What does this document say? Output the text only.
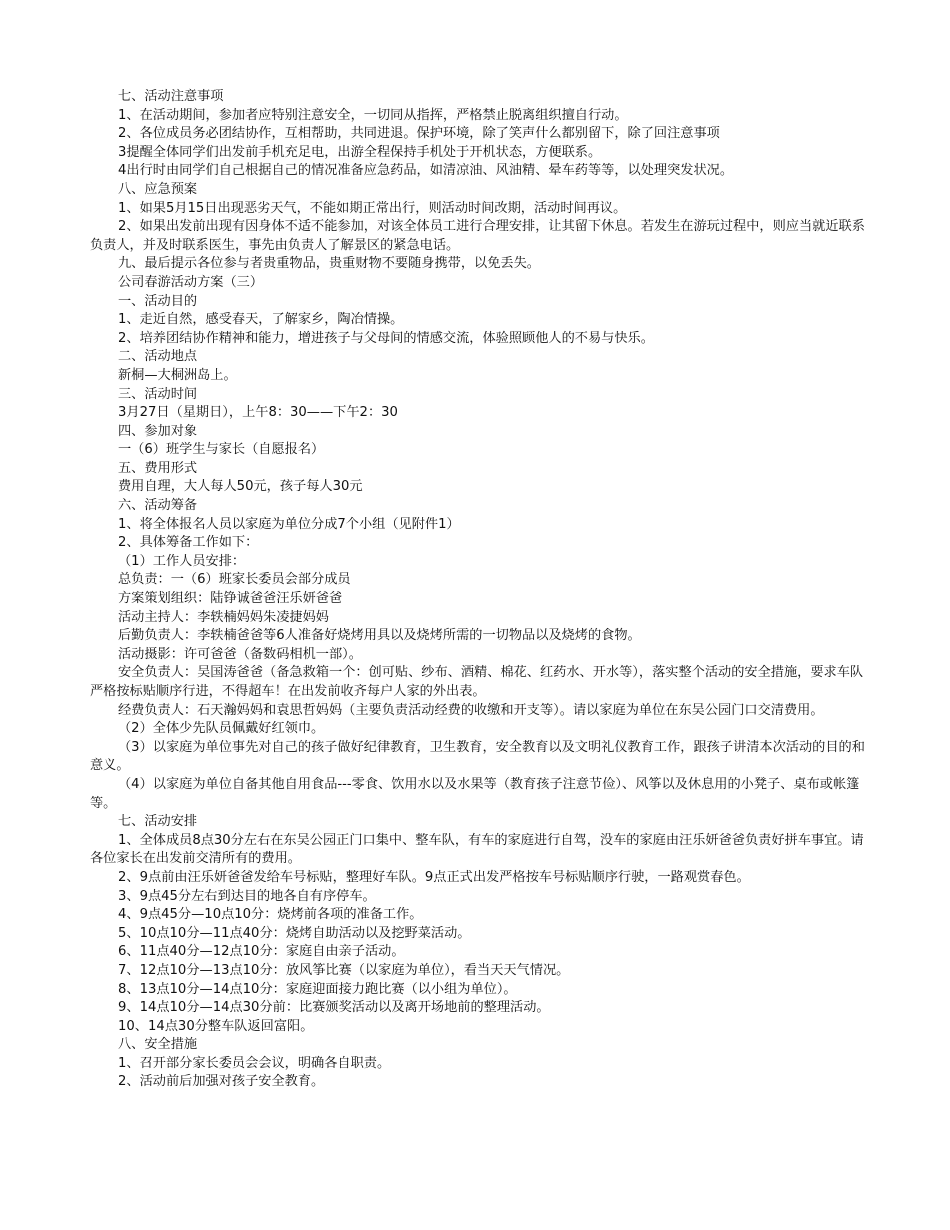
七、活动注意事项

1、在活动期间，参加者应特别注意安全，一切同从指挥，严格禁止脱离组织擅自行动。

2、各位成员务必团结协作，互相帮助，共同进退。保护环境，除了笑声什么都别留下，除了回注意事项

3提醒全体同学们出发前手机充足电，出游全程保持手机处于开机状态，方便联系。

4出行时由同学们自己根据自己的情况准备应急药品，如清凉油、风油精、晕车药等等，以处理突发状况。

八、应急预案

1、如果5月15日出现恶劣天气，不能如期正常出行，则活动时间改期，活动时间再议。

2、如果出发前出现有因身体不适不能参加，对该全体员工进行合理安排，让其留下休息。若发生在游玩过程中，则应当就近联系负责人，并及时联系医生，事先由负责人了解景区的紧急电话。

九、最后提示各位参与者贵重物品，贵重财物不要随身携带，以免丢失。

公司春游活动方案（三）

一、活动目的

1、走近自然，感受春天，了解家乡，陶冶情操。

2、培养团结协作精神和能力，增进孩子与父母间的情感交流，体验照顾他人的不易与快乐。

二、活动地点

新桐—大桐洲岛上。

三、活动时间

3月27日（星期日），上午8：30——下午2：30

四、参加对象

一（6）班学生与家长（自愿报名）

五、费用形式

费用自理，大人每人50元，孩子每人30元

六、活动筹备

1、将全体报名人员以家庭为单位分成7个小组（见附件1）

2、具体筹备工作如下：

（1）工作人员安排：

总负责：一（6）班家长委员会部分成员

方案策划组织：陆铮诚爸爸汪乐妍爸爸

活动主持人：李轶楠妈妈朱凌捷妈妈

后勤负责人：李轶楠爸爸等6人准备好烧烤用具以及烧烤所需的一切物品以及烧烤的食物。

活动摄影：许可爸爸（备数码相机一部）。

安全负责人：吴国涛爸爸（备急救箱一个：创可贴、纱布、酒精、棉花、红药水、开水等），落实整个活动的安全措施，要求车队严格按标贴顺序行进，不得超车！在出发前收齐每户人家的外出表。

经费负责人：石天瀚妈妈和袁思哲妈妈（主要负责活动经费的收缴和开支等）。请以家庭为单位在东吴公园门口交清费用。

（2）全体少先队员佩戴好红领巾。

（3）以家庭为单位事先对自己的孩子做好纪律教育，卫生教育，安全教育以及文明礼仪教育工作，跟孩子讲清本次活动的目的和意义。

（4）以家庭为单位自备其他自用食品---零食、饮用水以及水果等（教育孩子注意节俭）、风筝以及休息用的小凳子、桌布或帐篷等。

七、活动安排

1、全体成员8点30分左右在东吴公园正门口集中、整车队，有车的家庭进行自驾，没车的家庭由汪乐妍爸爸负责好拼车事宜。请各位家长在出发前交清所有的费用。

2、9点前由汪乐妍爸爸发给车号标贴，整理好车队。9点正式出发严格按车号标贴顺序行驶，一路观赏春色。

3、9点45分左右到达目的地各自有序停车。

4、9点45分—10点10分：烧烤前各项的准备工作。

5、10点10分—11点40分：烧烤自助活动以及挖野菜活动。

6、11点40分—12点10分：家庭自由亲子活动。

7、12点10分—13点10分：放风筝比赛（以家庭为单位），看当天天气情况。

8、13点10分—14点10分：家庭迎面接力跑比赛（以小组为单位）。

9、14点10分—14点30分前：比赛颁奖活动以及离开场地前的整理活动。

10、14点30分整车队返回富阳。

八、安全措施

1、召开部分家长委员会会议，明确各自职责。

2、活动前后加强对孩子安全教育。
